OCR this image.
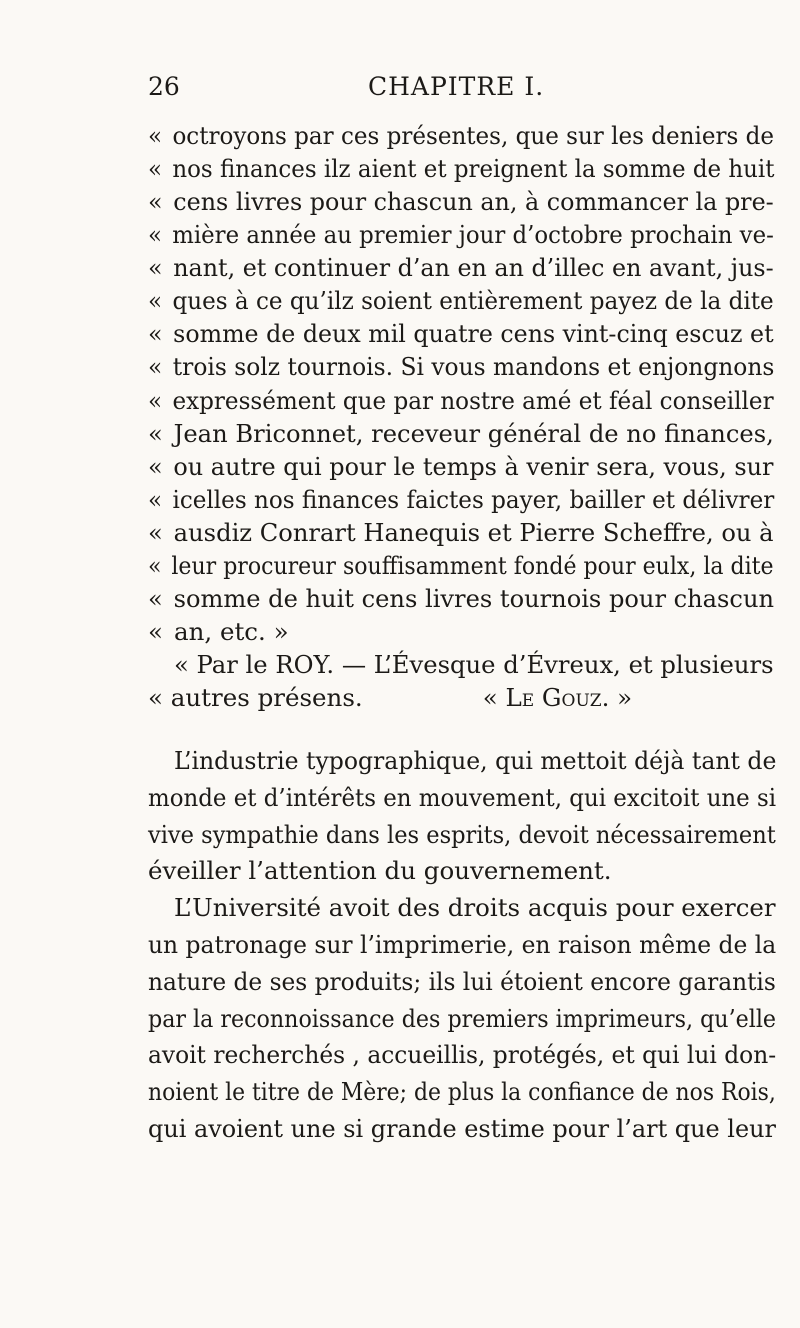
26	CHAPITRE I.
« octroyons par ces présentes, que sur les deniers de
« nos finances ilz aient et preignent la somme de huit
« cens livres pour chascun an, à commancer la pre-
« mière année au premier jour d’octobre prochain ve-
« nant, et continuer d’an en an d’illec en avant, jus-
« ques à ce qu’ilz soient entièrement payez de la dite
« somme de deux mil quatre cens vint-cinq escuz et
« trois solz tournois. Si vous mandons et enjongnons
« expressément que par nostre amé et féal conseiller
« Jean Briconnet, receveur général de no finances,
« ou autre qui pour le temps à venir sera, vous, sur
« icelles nos finances faictes payer, bailler et délivrer
« ausdiz Conrart Hanequis et Pierre Scheffre, ou à
« leur procureur souffisamment fondé pour eulx, la dite
« somme de huit cens livres tournois pour chascun
« an, etc. »
« Par le ROY. — L’Évesque d’Évreux, et plusieurs
« autres présens.	« Le Gouz. »
L’industrie typographique, qui mettoit déjà tant de
monde et d’intérêts en mouvement, qui excitoit une si
vive sympathie dans les esprits, devoit nécessairement
éveiller l’attention du gouvernement.
L’Université avoit des droits acquis pour exercer
un patronage sur l’imprimerie, en raison même de la
nature de ses produits; ils lui étoient encore garantis
par la reconnoissance des premiers imprimeurs, qu’elle
avoit recherchés , accueillis, protégés, et qui lui don-
noient le titre de Mère; de plus la confiance de nos Rois,
qui avoient une si grande estime pour l’art que leur
